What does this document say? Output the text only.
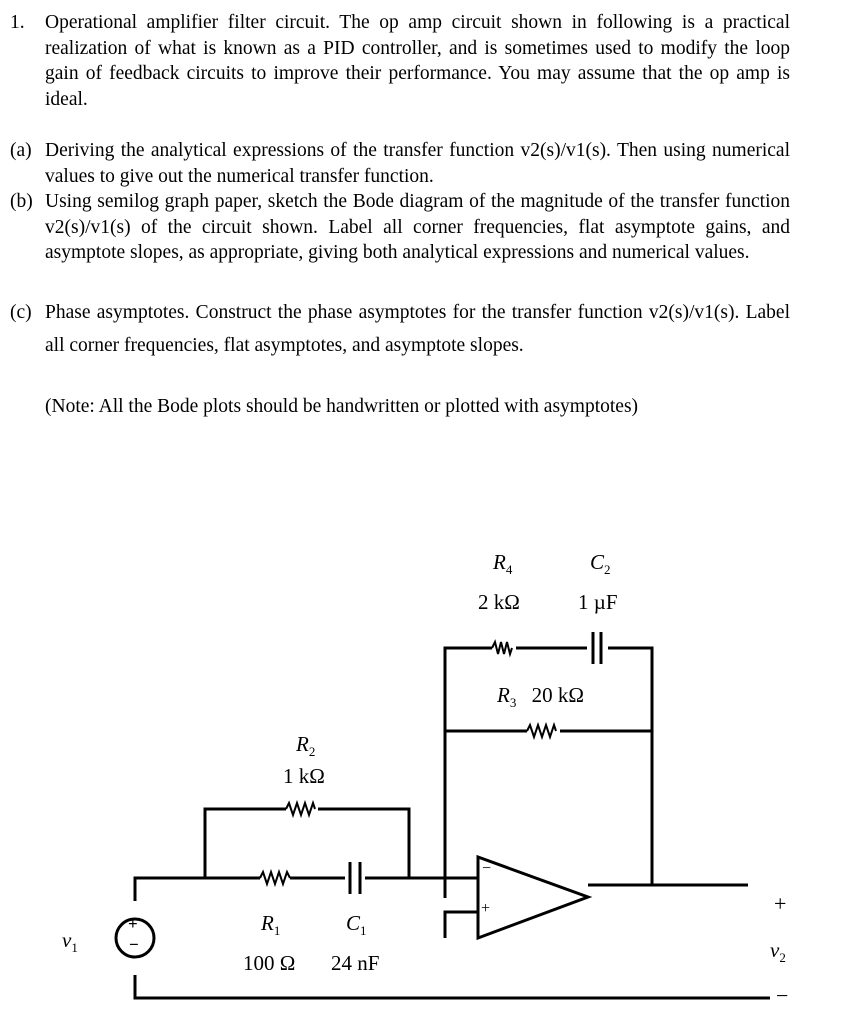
1. Operational amplifier filter circuit. The op amp circuit shown in following is a practical realization of what is known as a PID controller, and is sometimes used to modify the loop gain of feedback circuits to improve their performance. You may assume that the op amp is ideal.
(a) Deriving the analytical expressions of the transfer function v2(s)/v1(s). Then using numerical values to give out the numerical transfer function.
(b) Using semilog graph paper, sketch the Bode diagram of the magnitude of the transfer function v2(s)/v1(s) of the circuit shown. Label all corner frequencies, flat asymptote gains, and asymptote slopes, as appropriate, giving both analytical expressions and numerical values.
(c) Phase asymptotes. Construct the phase asymptotes for the transfer function v2(s)/v1(s). Label all corner frequencies, flat asymptotes, and asymptote slopes.
(Note: All the Bode plots should be handwritten or plotted with asymptotes)
$R_4$
2 kΩ
$C_2$
1 µF
$R_3$ 20 kΩ
$R_2$
1 kΩ
$R_1$
100 Ω
$C_1$
24 nF
$v_1$
+
−
−
+	+
$v_2$
−
